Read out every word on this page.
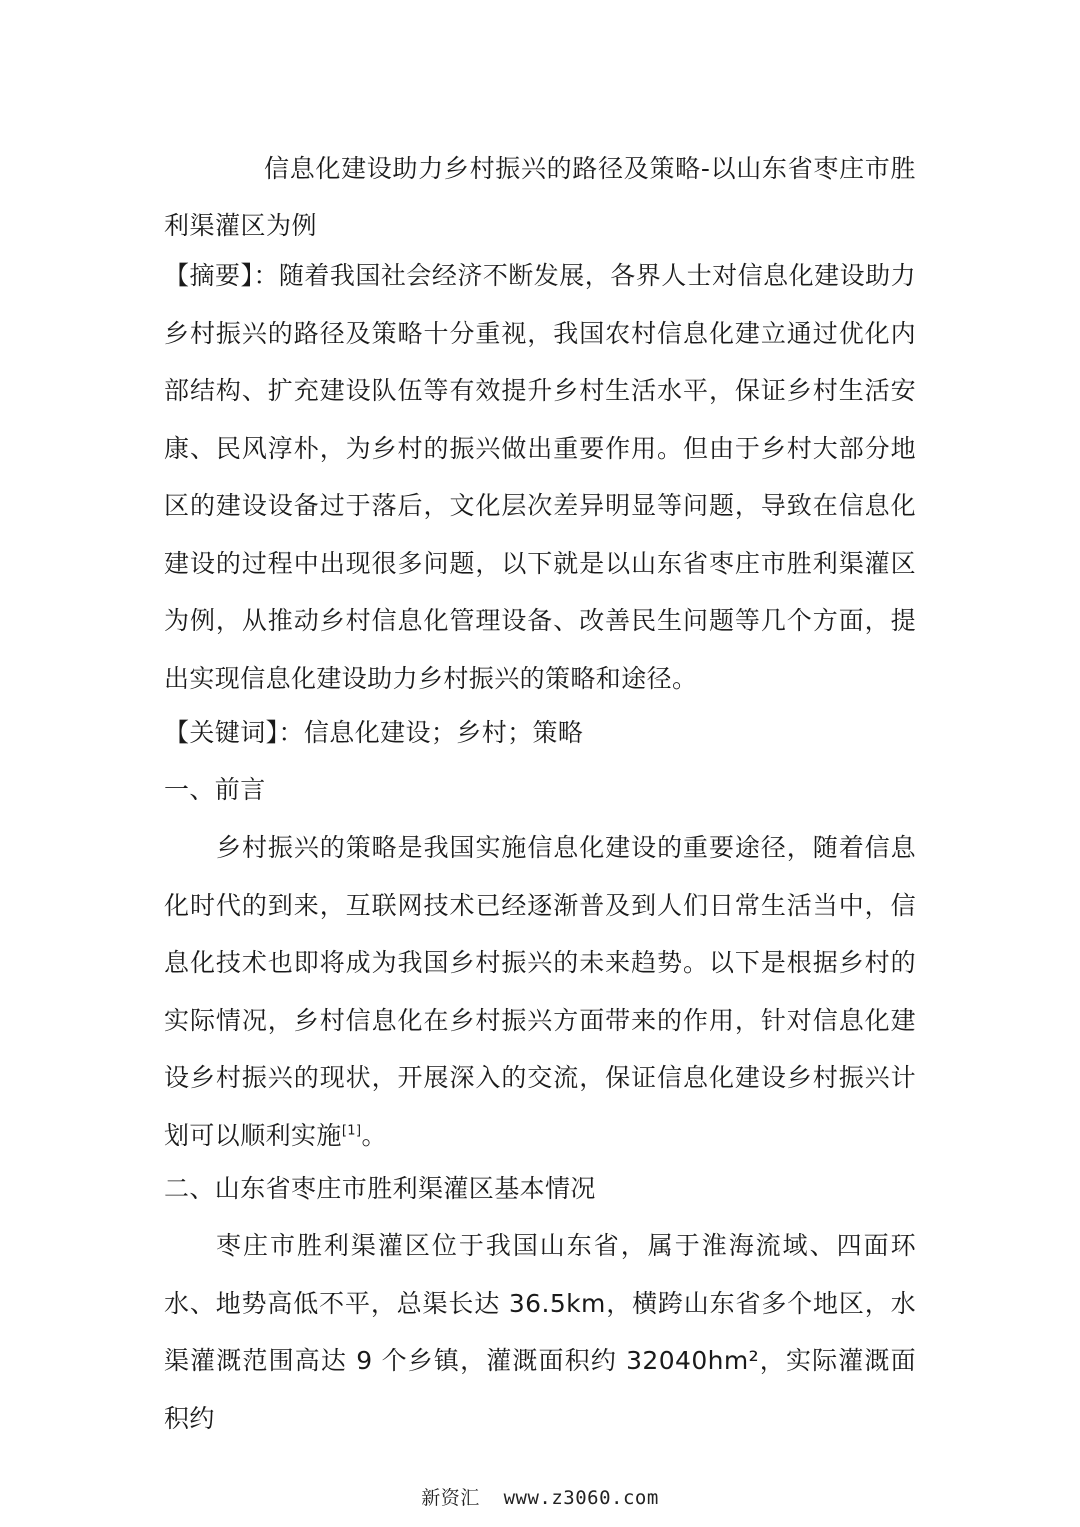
信息化建设助力乡村振兴的路径及策略-以山东省枣庄市胜利渠灌区为例
【摘要】：随着我国社会经济不断发展，各界人士对信息化建设助力乡村振兴的路径及策略十分重视，我国农村信息化建立通过优化内部结构、扩充建设队伍等有效提升乡村生活水平，保证乡村生活安康、民风淳朴，为乡村的振兴做出重要作用。但由于乡村大部分地区的建设设备过于落后，文化层次差异明显等问题，导致在信息化建设的过程中出现很多问题，以下就是以山东省枣庄市胜利渠灌区为例，从推动乡村信息化管理设备、改善民生问题等几个方面，提出实现信息化建设助力乡村振兴的策略和途径。
【关键词】：信息化建设；乡村；策略
一、前言
乡村振兴的策略是我国实施信息化建设的重要途径，随着信息化时代的到来，互联网技术已经逐渐普及到人们日常生活当中，信息化技术也即将成为我国乡村振兴的未来趋势。以下是根据乡村的实际情况，乡村信息化在乡村振兴方面带来的作用，针对信息化建设乡村振兴的现状，开展深入的交流，保证信息化建设乡村振兴计划可以顺利实施[1]。
二、山东省枣庄市胜利渠灌区基本情况
枣庄市胜利渠灌区位于我国山东省，属于淮海流域、四面环水、地势高低不平，总渠长达 36.5km，横跨山东省多个地区，水渠灌溉范围高达 9 个乡镇，灌溉面积约 32040hm²，实际灌溉面积约
新资汇 www.z3060.com
